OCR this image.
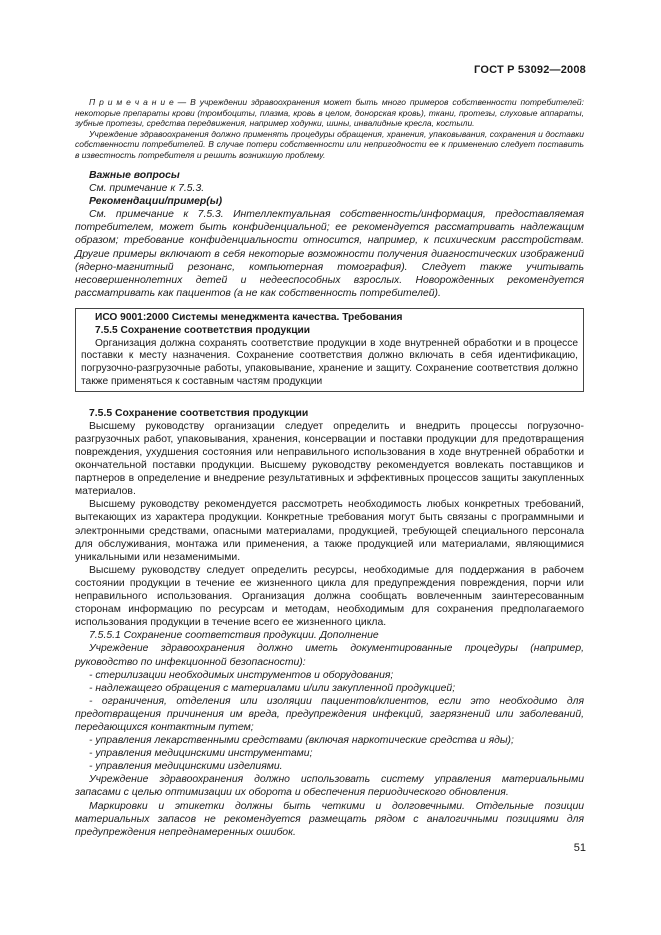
ГОСТ Р 53092—2008

П р и м е ч а н и е — В учреждении здравоохранения может быть много примеров собственности потребителей: некоторые препараты крови (тромбоциты, плазма, кровь в целом, донорская кровь), ткани, протезы, слуховые аппараты, зубные протезы, средства передвижения, например ходунки, шины, инвалидные кресла, костыли.

Учреждение здравоохранения должно применять процедуры обращения, хранения, упаковывания, сохранения и доставки собственности потребителей. В случае потери собственности или непригодности ее к применению следует поставить в известность потребителя и решить возникшую проблему.

Важные вопросы

См. примечание к 7.5.3.

Рекомендации/пример(ы)

См. примечание к 7.5.3. Интеллектуальная собственность/информация, предоставляемая потребителем, может быть конфиденциальной; ее рекомендуется рассматривать надлежащим образом; требование конфиденциальности относится, например, к психическим расстройствам. Другие примеры включают в себя некоторые возможности получения диагностических изображений (ядерно-магнитный резонанс, компьютерная томография). Следует также учитывать несовершеннолетних детей и недееспособных взрослых. Новорожденных рекомендуется рассматривать как пациентов (а не как собственность потребителей).

ИСО 9001:2000 Системы менеджмента качества. Требования

7.5.5 Сохранение соответствия продукции

Организация должна сохранять соответствие продукции в ходе внутренней обработки и в процессе поставки к месту назначения. Сохранение соответствия должно включать в себя идентификацию, погрузочно-разгрузочные работы, упаковывание, хранение и защиту. Сохранение соответствия должно также применяться к составным частям продукции

7.5.5 Сохранение соответствия продукции

Высшему руководству организации следует определить и внедрить процессы погрузочно-разгрузочных работ, упаковывания, хранения, консервации и поставки продукции для предотвращения повреждения, ухудшения состояния или неправильного использования в ходе внутренней обработки и окончательной поставки продукции. Высшему руководству рекомендуется вовлекать поставщиков и партнеров в определение и внедрение результативных и эффективных процессов защиты закупленных материалов.

Высшему руководству рекомендуется рассмотреть необходимость любых конкретных требований, вытекающих из характера продукции. Конкретные требования могут быть связаны с программными и электронными средствами, опасными материалами, продукцией, требующей специального персонала для обслуживания, монтажа или применения, а также продукцией или материалами, являющимися уникальными или незаменимыми.

Высшему руководству следует определить ресурсы, необходимые для поддержания в рабочем состоянии продукции в течение ее жизненного цикла для предупреждения повреждения, порчи или неправильного использования. Организация должна сообщать вовлеченным заинтересованным сторонам информацию по ресурсам и методам, необходимым для сохранения предполагаемого использования продукции в течение всего ее жизненного цикла.

7.5.5.1 Сохранение соответствия продукции. Дополнение

Учреждение здравоохранения должно иметь документированные процедуры (например, руководство по инфекционной безопасности):

- стерилизации необходимых инструментов и оборудования;

- надлежащего обращения с материалами и/или закупленной продукцией;

- ограничения, отделения или изоляции пациентов/клиентов, если это необходимо для предотвращения причинения им вреда, предупреждения инфекций, загрязнений или заболеваний, передающихся контактным путем;

- управления лекарственными средствами (включая наркотические средства и яды);

- управления медицинскими инструментами;

- управления медицинскими изделиями.

Учреждение здравоохранения должно использовать систему управления материальными запасами с целью оптимизации их оборота и обеспечения периодического обновления.

Маркировки и этикетки должны быть четкими и долговечными. Отдельные позиции материальных запасов не рекомендуется размещать рядом с аналогичными позициями для предупреждения непреднамеренных ошибок.

51
